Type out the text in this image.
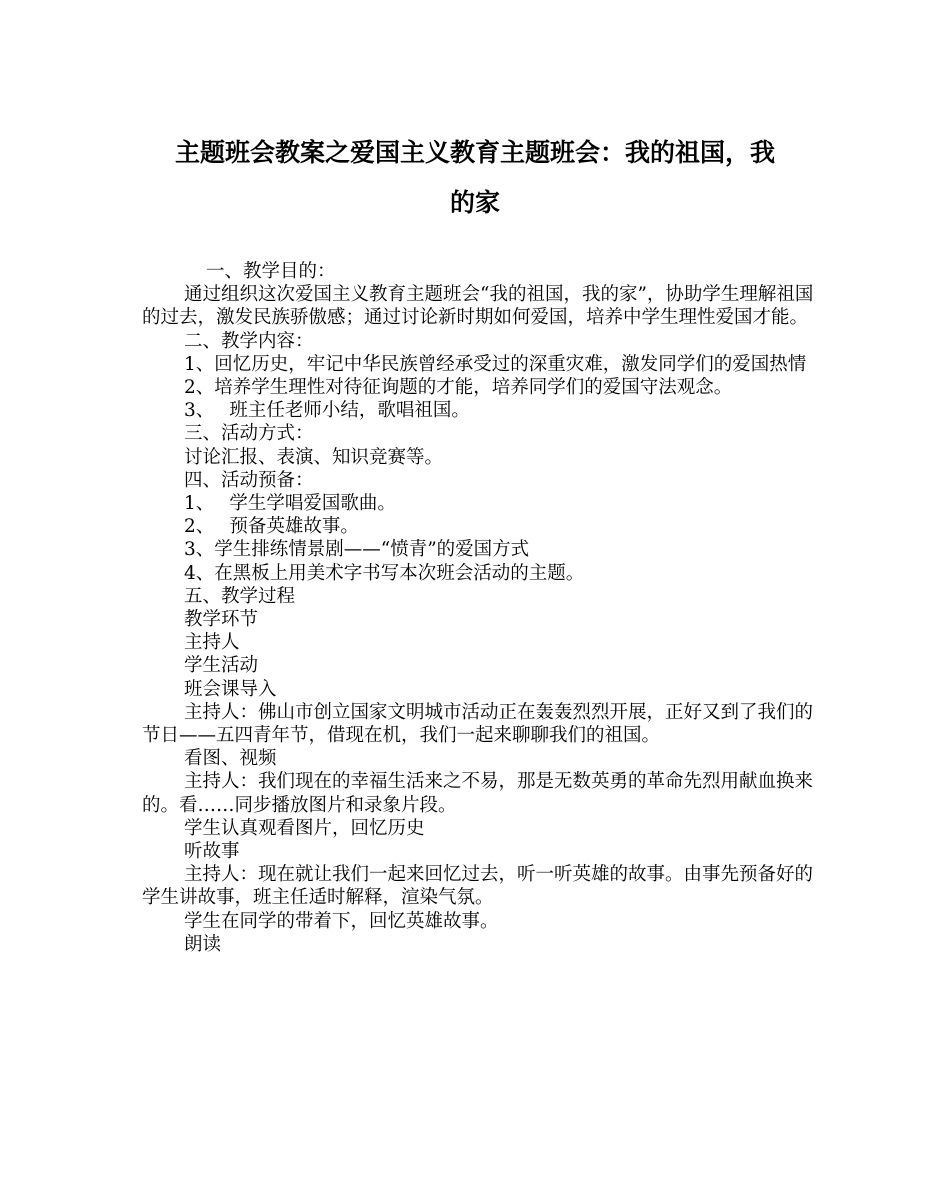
主题班会教案之爱国主义教育主题班会：我的祖国，我
的家

一、教学目的：

通过组织这次爱国主义教育主题班会“我的祖国，我的家”，协助学生理解祖国的过去，激发民族骄傲感；通过讨论新时期如何爱国，培养中学生理性爱国才能。

二、教学内容：

1、回忆历史，牢记中华民族曾经承受过的深重灾难，激发同学们的爱国热情

2、培养学生理性对待征询题的才能，培养同学们的爱国守法观念。

3、　 班主任老师小结，歌唱祖国。

三、活动方式：

讨论汇报、表演、知识竞赛等。

四、活动预备：

1、　 学生学唱爱国歌曲。

2、　 预备英雄故事。

3、学生排练情景剧——“愤青”的爱国方式

4、在黑板上用美术字书写本次班会活动的主题。

五、教学过程

教学环节

主持人

学生活动

班会课导入

主持人：佛山市创立国家文明城市活动正在轰轰烈烈开展，正好又到了我们的节日——五四青年节，借现在机，我们一起来聊聊我们的祖国。

看图、视频

主持人：我们现在的幸福生活来之不易，那是无数英勇的革命先烈用献血换来的。看……同步播放图片和录象片段。

学生认真观看图片，回忆历史

听故事

主持人：现在就让我们一起来回忆过去，听一听英雄的故事。由事先预备好的学生讲故事，班主任适时解释，渲染气氛。

学生在同学的带着下，回忆英雄故事。

朗读
